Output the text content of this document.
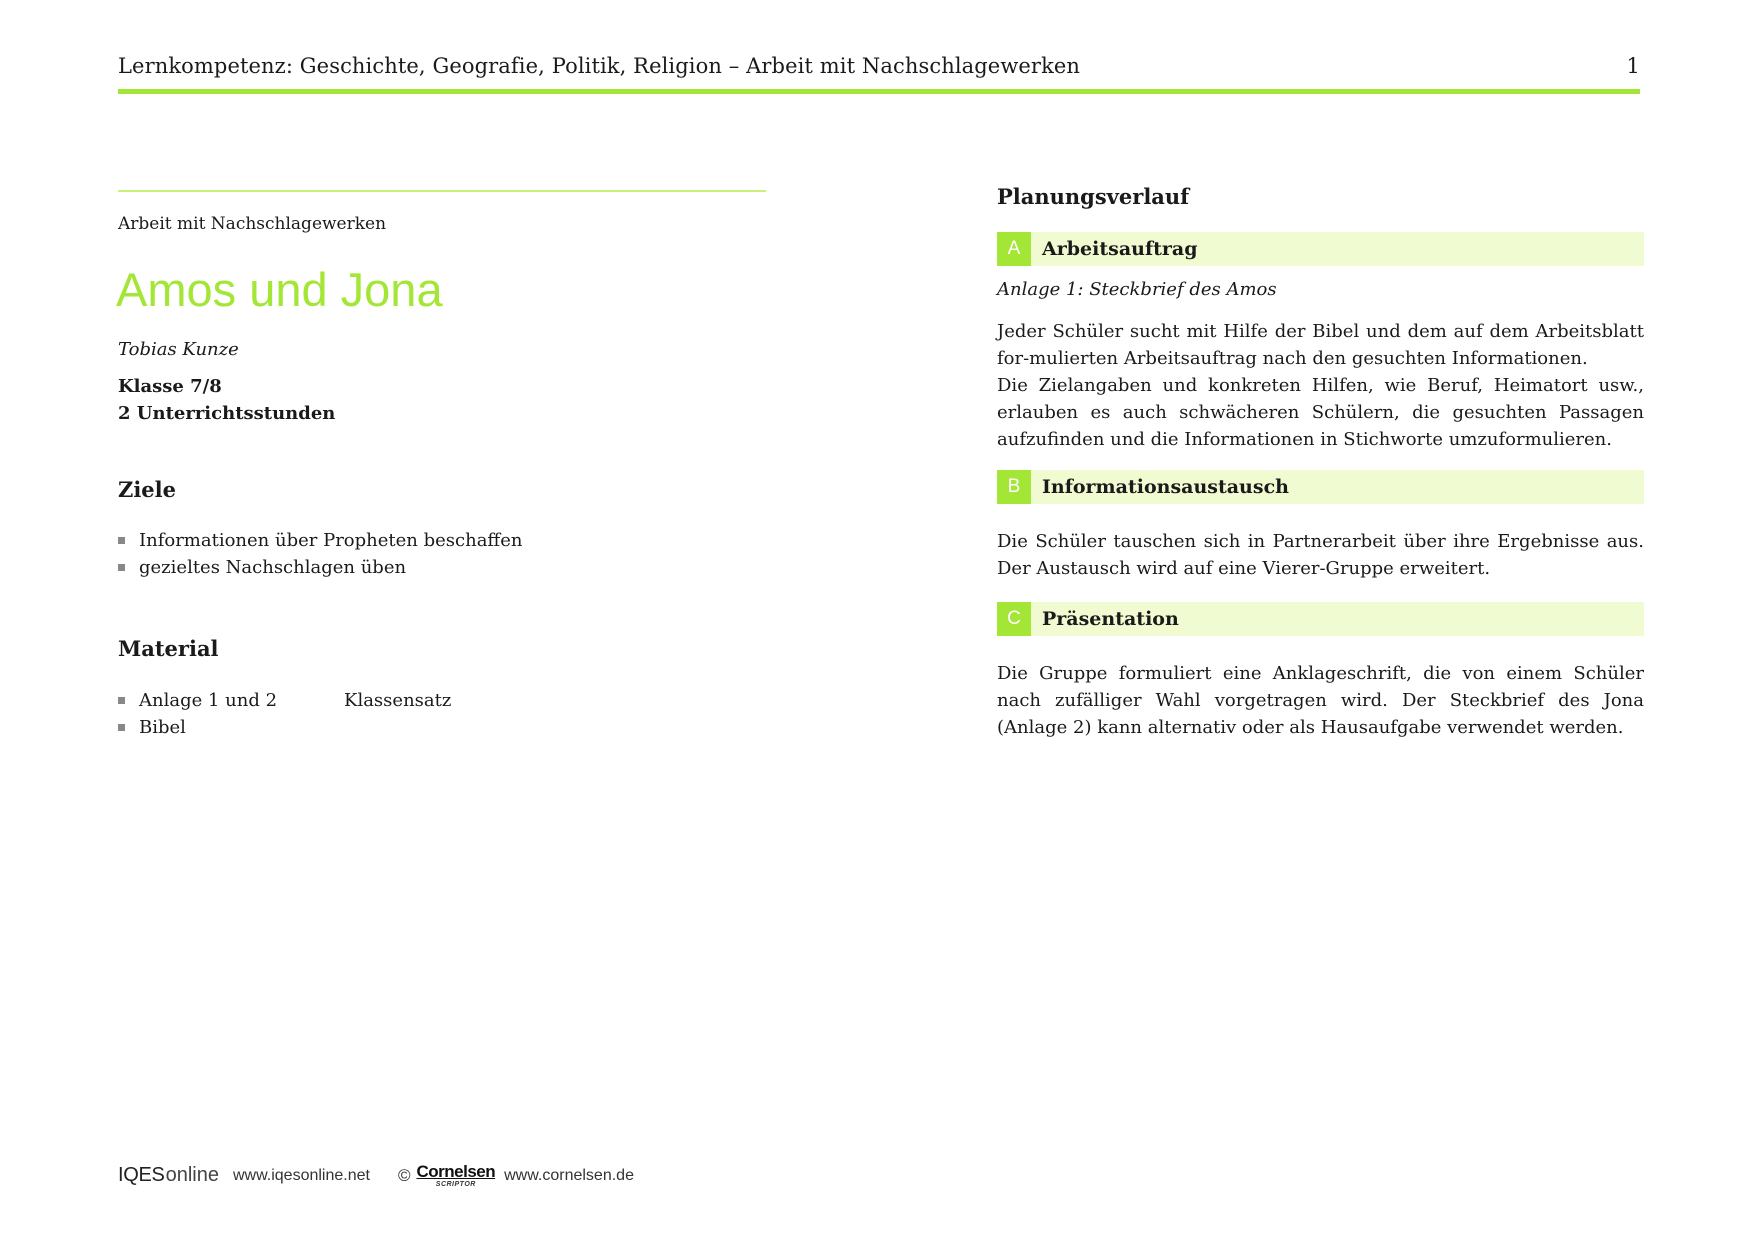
Lernkompetenz: Geschichte, Geografie, Politik, Religion – Arbeit mit Nachschlagewerken	1
Arbeit mit Nachschlagewerken
Amos und Jona
Tobias Kunze
Klasse 7/8
2 Unterrichtsstunden
Ziele
Informationen über Propheten beschaffen
gezieltes Nachschlagen üben
Material
Anlage 1 und 2	Klassensatz
Bibel
Planungsverlauf
A	Arbeitsauftrag
Anlage 1: Steckbrief des Amos

Jeder Schüler sucht mit Hilfe der Bibel und dem auf dem Arbeitsblatt for-mulierten Arbeitsauftrag nach den gesuchten Informationen.

Die Zielangaben und konkreten Hilfen, wie Beruf, Heimatort usw., erlauben es auch schwächeren Schülern, die gesuchten Passagen aufzufinden und die Informationen in Stichworte umzuformulieren.

B	Informationsaustausch

Die Schüler tauschen sich in Partnerarbeit über ihre Ergebnisse aus. Der Austausch wird auf eine Vierer-Gruppe erweitert.

C	Präsentation

Die Gruppe formuliert eine Anklageschrift, die von einem Schüler nach zufälliger Wahl vorgetragen wird. Der Steckbrief des Jona (Anlage 2) kann alternativ oder als Hausaufgabe verwendet werden.

IQES online www.iqesonline.net © Cornelsen
SCRIPTOR
www.cornelsen.de
